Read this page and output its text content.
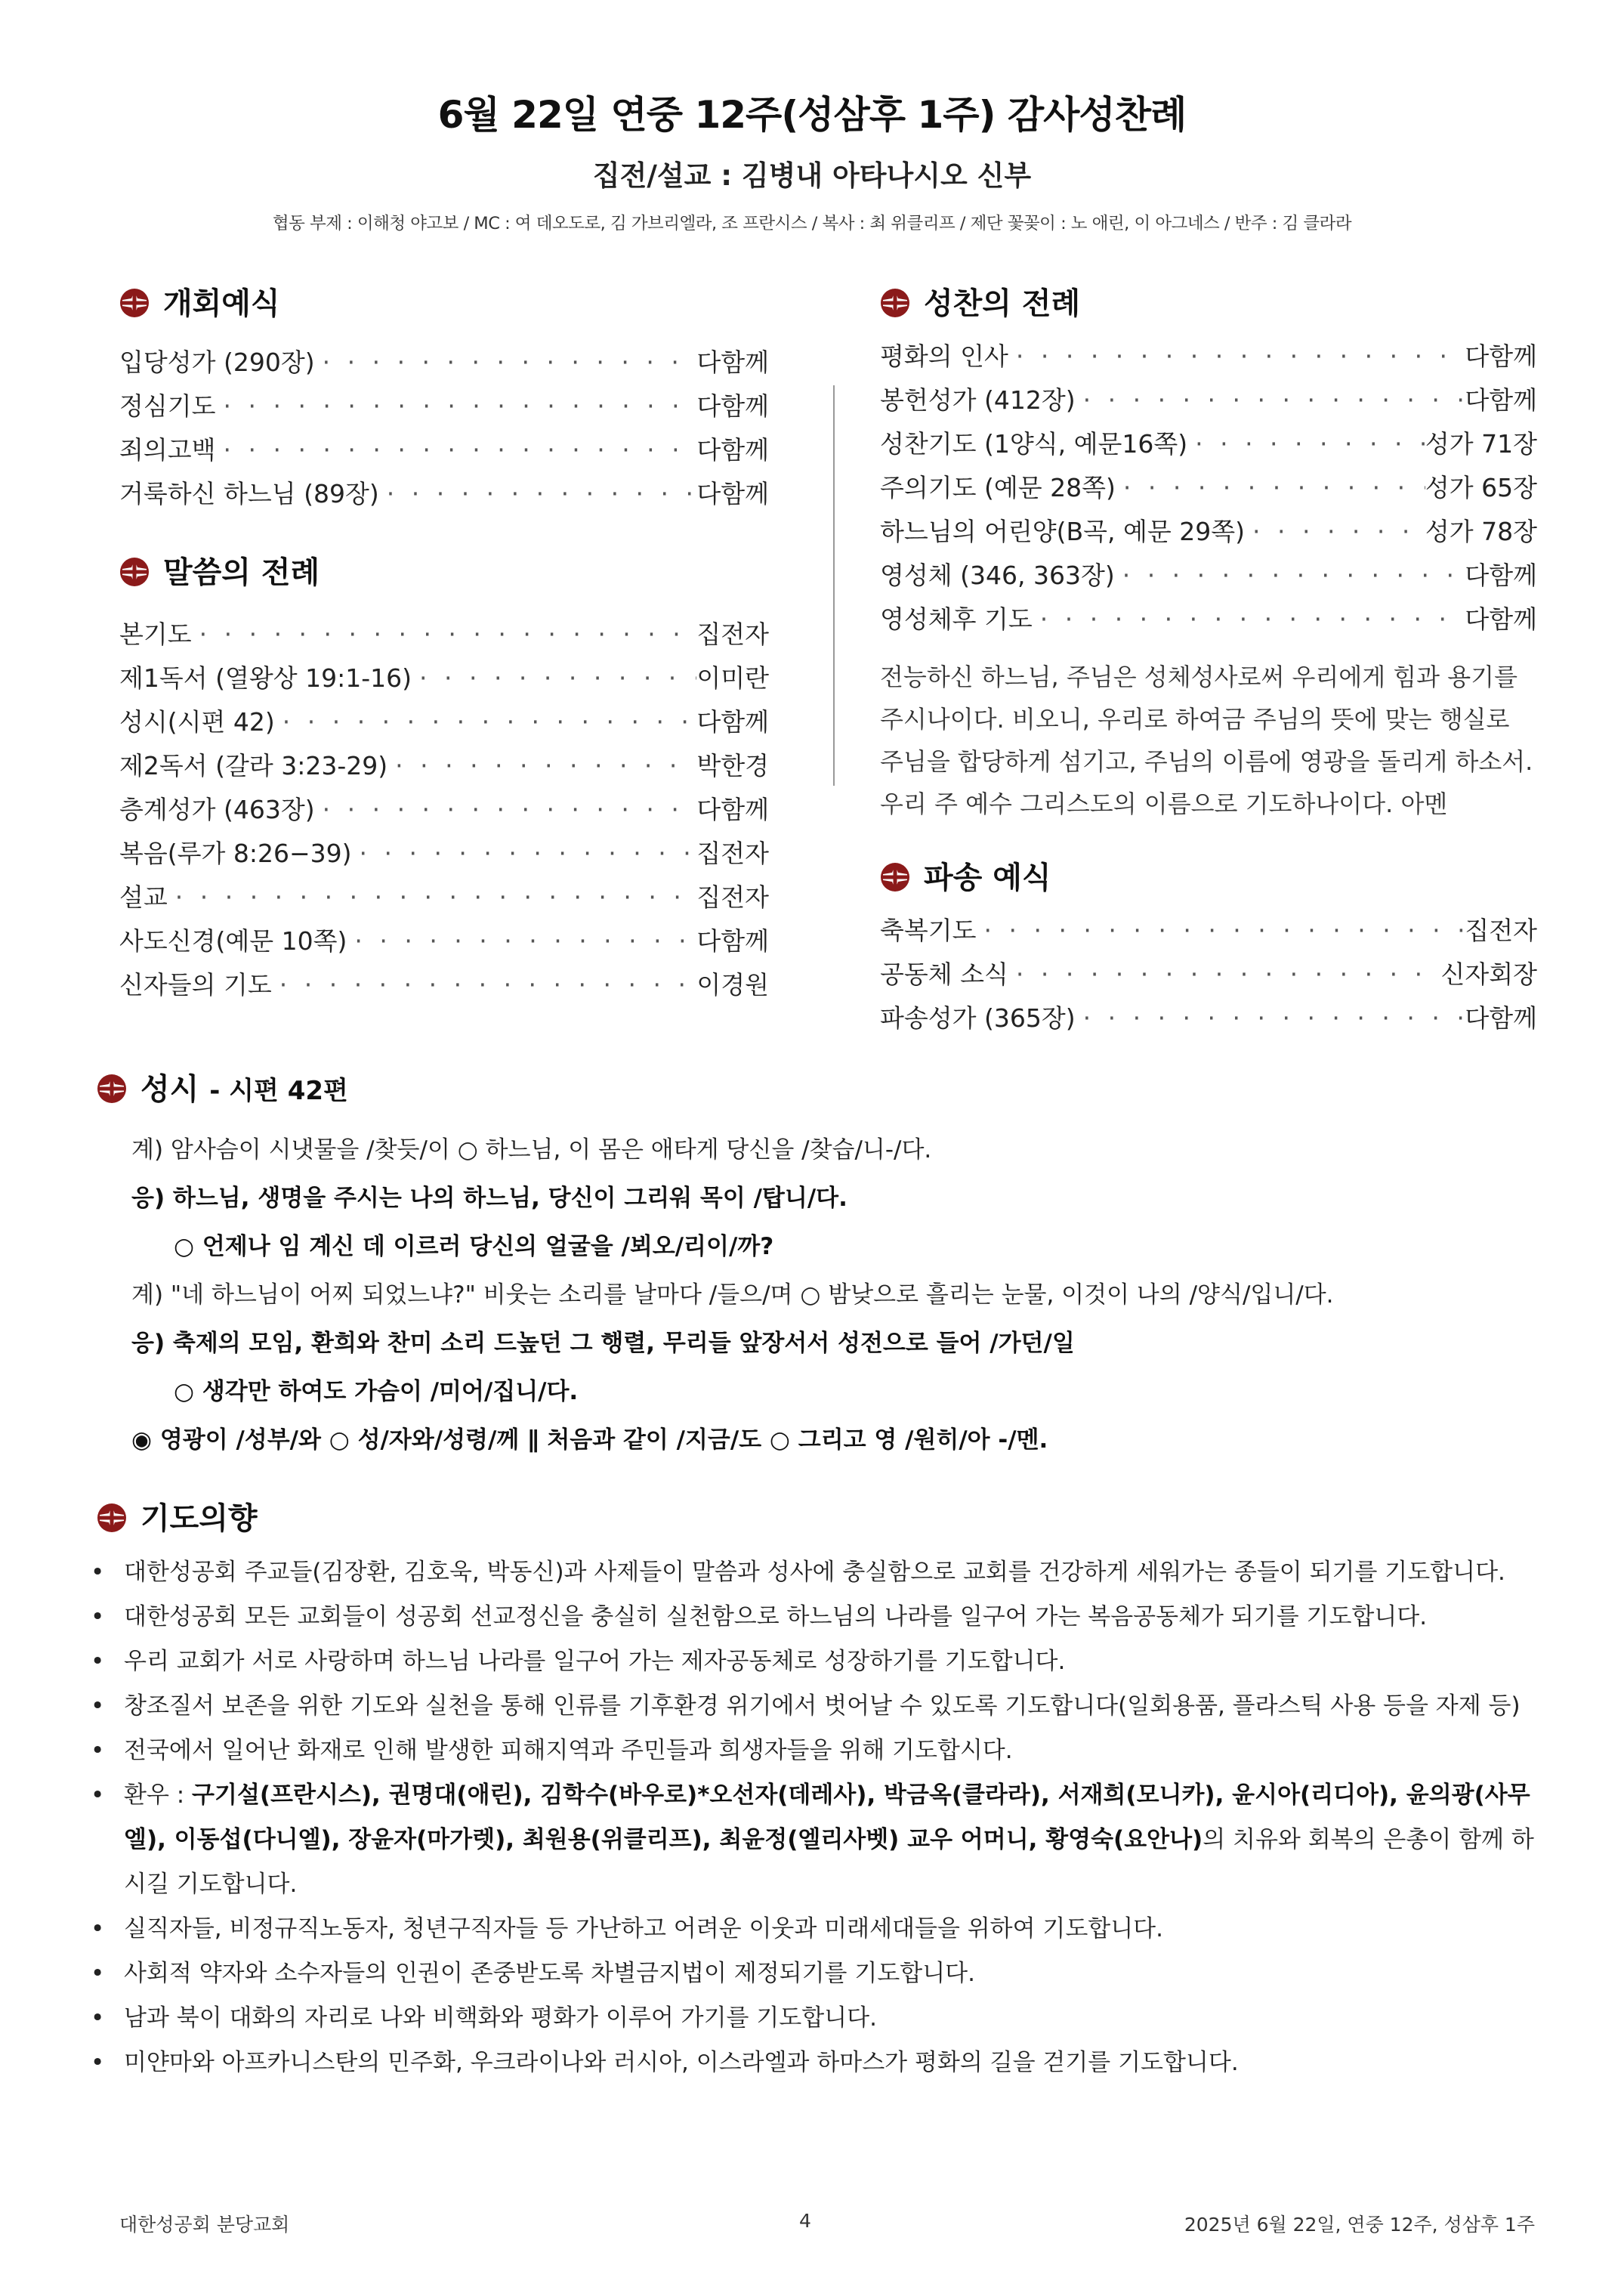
6월 22일 연중 12주(성삼후 1주) 감사성찬례
집전/설교 : 김병내 아타나시오 신부
협동 부제 : 이해청 야고보 / MC : 여 데오도로, 김 가브리엘라, 조 프란시스 / 복사 : 최 위클리프 / 제단 꽃꽂이 : 노 애린, 이 아그네스 / 반주 : 김 클라라
개회예식
입당성가 (290장) · · ·	다함께
정심기도 · · ·	다함께
죄의고백 · · ·	다함께
거룩하신 하느님 (89장) · · ·	다함께
말씀의 전례
본기도 · · ·	집전자
제1독서 (열왕상 19:1-16) · · ·	이미란
성시(시편 42) · · ·	다함께
제2독서 (갈라 3:23-29) · · ·	박한경
층계성가 (463장) · · ·	다함께
복음(루가 8:26−39) · · ·	집전자
설교 · · ·	집전자
사도신경(예문 10쪽) · · ·	다함께
신자들의 기도 · · ·	이경원
성찬의 전례
평화의 인사 · · ·	다함께
봉헌성가 (412장) · · ·	다함께
성찬기도 (1양식, 예문16쪽) · · ·	성가 71장
주의기도 (예문 28쪽) · · ·	성가 65장
하느님의 어린양(B곡, 예문 29쪽) · · ·	성가 78장
영성체 (346, 363장) · · ·	다함께
영성체후 기도 · · ·	다함께
전능하신 하느님, 주님은 성체성사로써 우리에게 힘과 용기를 주시나이다. 비오니, 우리로 하여금 주님의 뜻에 맞는 행실로 주님을 합당하게 섬기고, 주님의 이름에 영광을 돌리게 하소서. 우리 주 예수 그리스도의 이름으로 기도하나이다. 아멘
파송 예식
축복기도 · · ·	집전자
공동체 소식 · · ·	신자회장
파송성가 (365장) · · ·	다함께
성시 - 시편 42편
계) 암사슴이 시냇물을 /찾듯/이 ○ 하느님, 이 몸은 애타게 당신을 /찾습/니-/다.
응) 하느님, 생명을 주시는 나의 하느님, 당신이 그리워 목이 /탑니/다.
○ 언제나 임 계신 데 이르러 당신의 얼굴을 /뵈오/리이/까?
계) "네 하느님이 어찌 되었느냐?" 비웃는 소리를 날마다 /들으/며 ○ 밤낮으로 흘리는 눈물, 이것이 나의 /양식/입니/다.
응) 축제의 모임, 환희와 찬미 소리 드높던 그 행렬, 무리들 앞장서서 성전으로 들어 /가던/일
○ 생각만 하여도 가슴이 /미어/집니/다.
◉ 영광이 /성부/와 ○ 성/자와/성령/께 ∥ 처음과 같이 /지금/도 ○ 그리고 영 /원히/아 -/멘.
기도의향
• 대한성공회 주교들(김장환, 김호욱, 박동신)과 사제들이 말씀과 성사에 충실함으로 교회를 건강하게 세워가는 종들이 되기를 기도합니다.
• 대한성공회 모든 교회들이 성공회 선교정신을 충실히 실천함으로 하느님의 나라를 일구어 가는 복음공동체가 되기를 기도합니다.
• 우리 교회가 서로 사랑하며 하느님 나라를 일구어 가는 제자공동체로 성장하기를 기도합니다.
• 창조질서 보존을 위한 기도와 실천을 통해 인류를 기후환경 위기에서 벗어날 수 있도록 기도합니다(일회용품, 플라스틱 사용 등을 자제 등)
• 전국에서 일어난 화재로 인해 발생한 피해지역과 주민들과 희생자들을 위해 기도합시다.
• 환우 : 구기설(프란시스), 권명대(애린), 김학수(바우로)*오선자(데레사), 박금옥(클라라), 서재희(모니카), 윤시아(리디아), 윤의광(사무엘), 이동섭(다니엘), 장윤자(마가렛), 최원용(위클리프), 최윤정(엘리사벳) 교우 어머니, 황영숙(요안나)의 치유와 회복의 은총이 함께 하시길 기도합니다.
• 실직자들, 비정규직노동자, 청년구직자들 등 가난하고 어려운 이웃과 미래세대들을 위하여 기도합니다.
• 사회적 약자와 소수자들의 인권이 존중받도록 차별금지법이 제정되기를 기도합니다.
• 남과 북이 대화의 자리로 나와 비핵화와 평화가 이루어 가기를 기도합니다.
• 미얀마와 아프카니스탄의 민주화, 우크라이나와 러시아, 이스라엘과 하마스가 평화의 길을 걷기를 기도합니다.
대한성공회 분당교회	4	2025년 6월 22일, 연중 12주, 성삼후 1주
